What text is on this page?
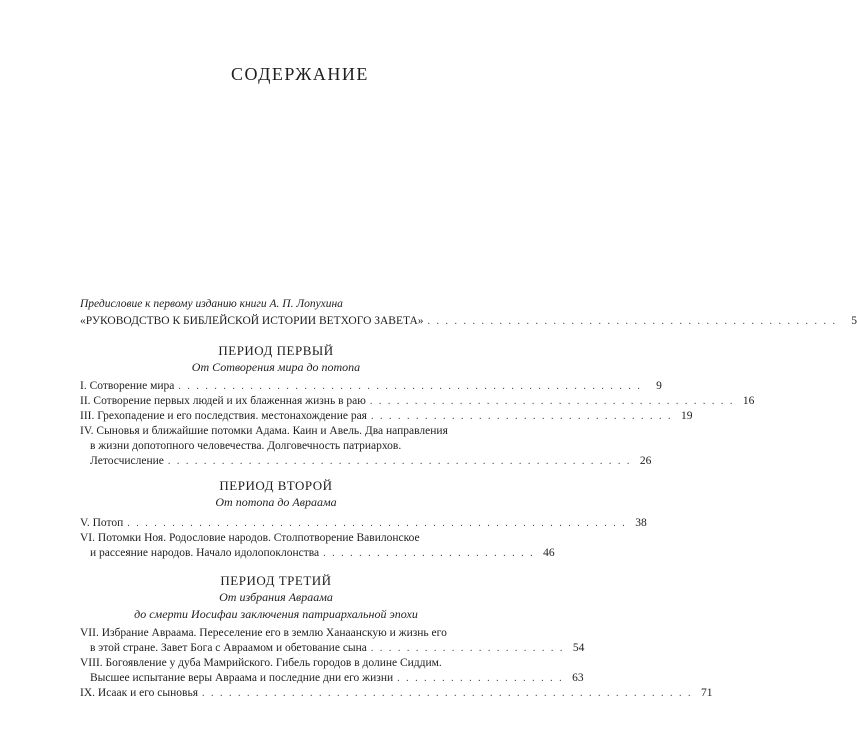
СОДЕРЖАНИЕ
Предисловие к первому изданию книги А. П. Лопухина
«РУКОВОДСТВО К БИБЛЕЙСКОЙ ИСТОРИИ ВЕТХОГО ЗАВЕТА» . . . . . . . . . . . . . . . . . . . . . . . . . . . . . . . . . . . . . . . . . . . . . .	5
ПЕРИОД ПЕРВЫЙ
От Сотворения мира до потопа
I. Сотворение мира . . . . . . . . . . . . . . . . . . . . . . . . . . . . . . . . . . . . . . . . . . . . . . . . . . . .	9
II. Сотворение первых людей и их блаженная жизнь в раю . . . . . . . . . . . . . . . . . . . . . . . . . . . . . . . . . . . . . . . . . 16
III. Грехопадение и его последствия. местонахождение рая . . . . . . . . . . . . . . . . . . . . . . . . . . . . . . . . . . 19
IV. Сыновья и ближайшие потомки Адама. Каин и Авель. Два направления
в жизни допотопного человечества. Долговечность патриархов.
Летосчисление . . . . . . . . . . . . . . . . . . . . . . . . . . . . . . . . . . . . . . . . . . . . . . . . . . . . 26
ПЕРИОД ВТОРОЙ
От потопа до Авраама
V. Потоп . . . . . . . . . . . . . . . . . . . . . . . . . . . . . . . . . . . . . . . . . . . . . . . . . . . . . . . . 38
VI. Потомки Ноя. Родословие народов. Столпотворение Вавилонское
и рассеяние народов. Начало идолопоклонства . . . . . . . . . . . . . . . . . . . . . . . . 46
ПЕРИОД ТРЕТИЙ
От избрания Авраама
до смерти Иосифаи заключения патриархальной эпохи
VII. Избрание Авраама. Переселение его в землю Ханаанскую и жизнь его
в этой стране. Завет Бога с Авраамом и обетование сына . . . . . . . . . . . . . . . . . . . . . . 54
VIII. Богоявление у дуба Мамрийского. Гибель городов в долине Сиддим.
Высшее испытание веры Авраама и последние дни его жизни . . . . . . . . . . . . . . . . . . . 63
IX. Исаак и его сыновья . . . . . . . . . . . . . . . . . . . . . . . . . . . . . . . . . . . . . . . . . . . . . . . . . . . . . . . 71
